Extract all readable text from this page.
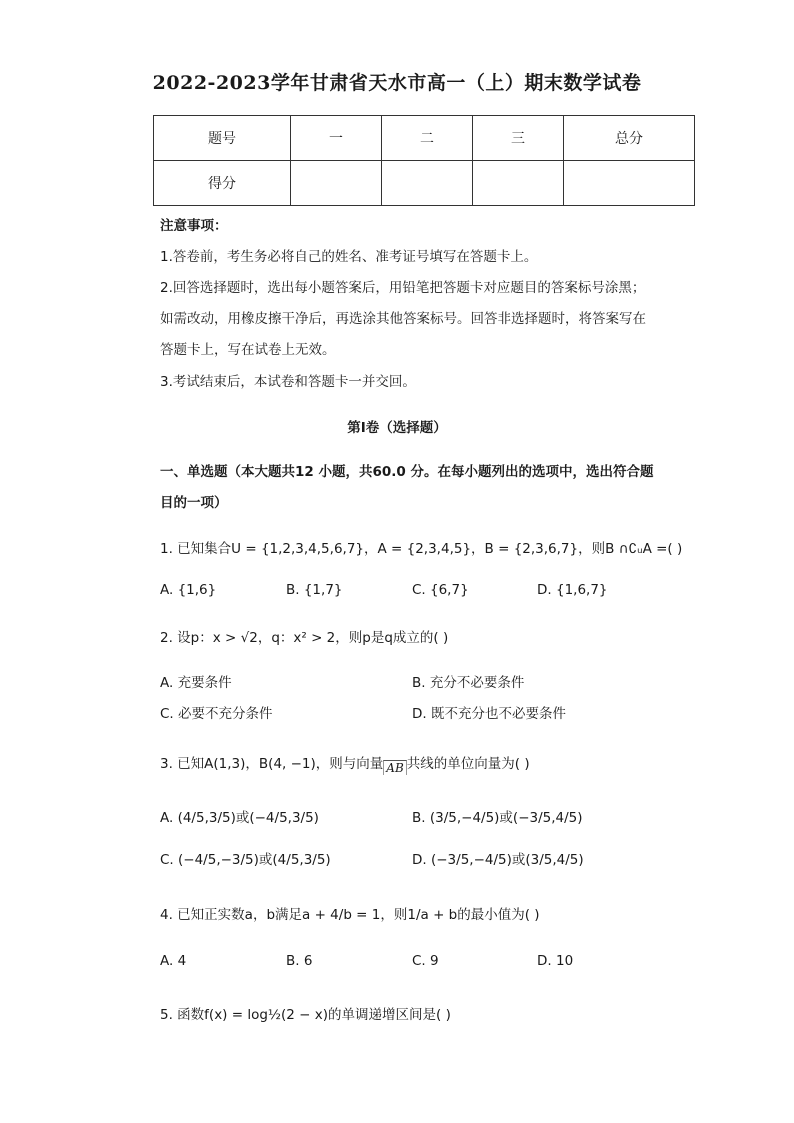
2022-2023学年甘肃省天水市高一（上）期末数学试卷
题号	一	二	三	总分
得分				
注意事项：
1.答卷前，考生务必将自己的姓名、准考证号填写在答题卡上。
2.回答选择题时，选出每小题答案后，用铅笔把答题卡对应题目的答案标号涂黑；
如需改动，用橡皮擦干净后，再选涂其他答案标号。回答非选择题时，将答案写在
答题卡上，写在试卷上无效。
3.考试结束后，本试卷和答题卡一并交回。
第Ⅰ卷（选择题）
一、单选题（本大题共12 小题，共60.0 分。在每小题列出的选项中，选出符合题
目的一项）
1. 已知集合U = {1,2,3,4,5,6,7}，A = {2,3,4,5}，B = {2,3,6,7}，则B ∩∁ᵤA =( )
A. {1,6}	B. {1,7}	C. {6,7}	D. {1,6,7}
2. 设p：x > √2，q：x² > 2，则p是q成立的( )
A. 充要条件	B. 充分不必要条件
C. 必要不充分条件	D. 既不充分也不必要条件
3. 已知A(1,3)，B(4, −1)，则与向量 AB 共线的单位向量为( )
A. (4/5,3/5)或(−4/5,3/5)	B. (3/5,−4/5)或(−3/5,4/5)
C. (−4/5,−3/5)或(4/5,3/5)	D. (−3/5,−4/5)或(3/5,4/5)
4. 已知正实数a，b满足a + 4/b = 1，则1/a + b的最小值为( )
A. 4	B. 6	C. 9	D. 10
5. 函数f(x) = log½(2 − x)的单调递增区间是( )
